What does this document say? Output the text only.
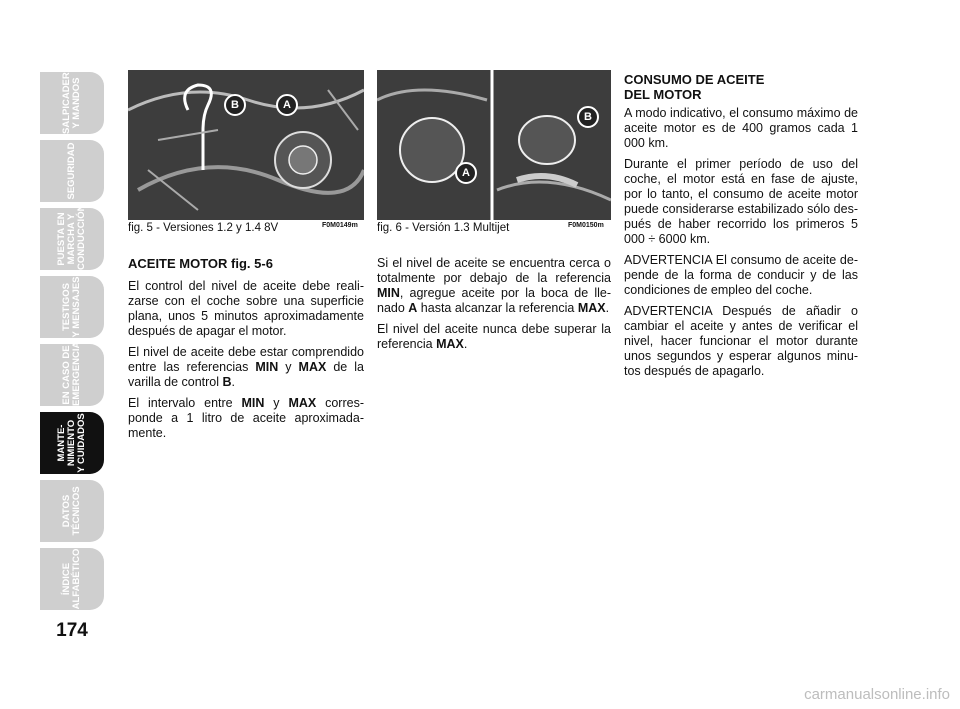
SALPICADERO
Y MANDOS
SEGURIDAD
PUESTA EN
MARCHA Y
CONDUCCIÓN
TESTIGOS
Y MENSAJES
EN CASO DE
EMERGENCIA
MANTE-
NIMIENTO
Y CUIDADOS
DATOS
TÉCNICOS
ÍNDICE
ALFABÉTICO
174
B	A
fig. 5 - Versiones 1.2 y 1.4 8V	F0M0149m
A
B
fig. 6 - Versión 1.3 Multijet	F0M0150m
ACEITE MOTOR fig. 5-6

El control del nivel de aceite debe reali-zarse con el coche sobre una superficie plana, unos 5 minutos aproximadamente después de apagar el motor.

El nivel de aceite debe estar comprendido entre las referencias MIN y MAX de la varilla de control B.

El intervalo entre MIN y MAX corres-ponde a 1 litro de aceite aproximada-mente.

Si el nivel de aceite se encuentra cerca o totalmente por debajo de la referencia MIN, agregue aceite por la boca de lle-nado A hasta alcanzar la referencia MAX.

El nivel del aceite nunca debe superar la referencia MAX.

CONSUMO DE ACEITE
DEL MOTOR

A modo indicativo, el consumo máximo de aceite motor es de 400 gramos cada 1 000 km.

Durante el primer período de uso del coche, el motor está en fase de ajuste, por lo tanto, el consumo de aceite motor puede considerarse estabilizado sólo des-pués de haber recorrido los primeros 5 000 ÷ 6000 km.

ADVERTENCIA El consumo de aceite de-pende de la forma de conducir y de las condiciones de empleo del coche.

ADVERTENCIA Después de añadir o cambiar el aceite y antes de verificar el nivel, hacer funcionar el motor durante unos segundos y esperar algunos minu-tos después de apagarlo.

carmanualsonline.info
